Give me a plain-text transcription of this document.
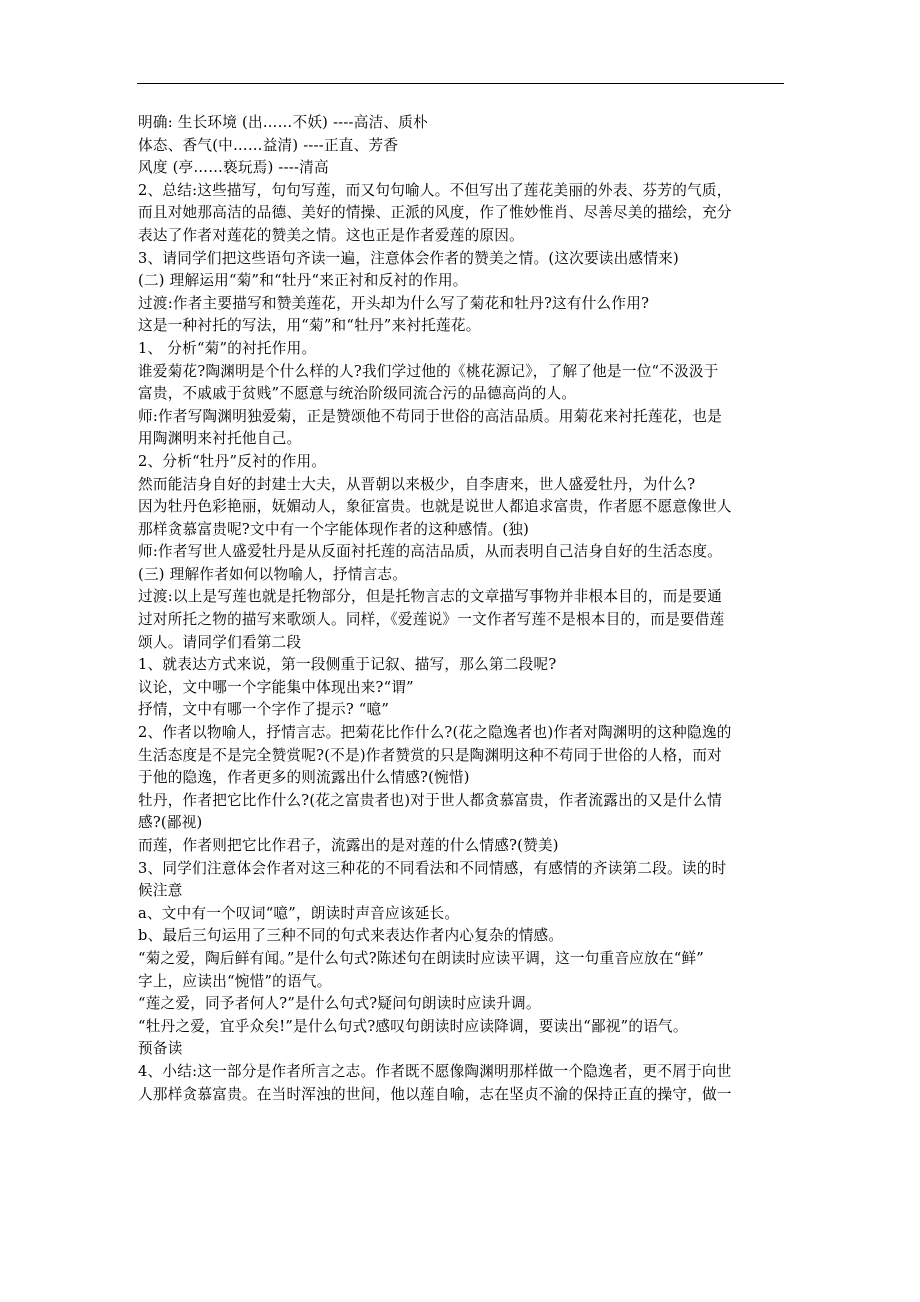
明确: 生长环境 (出……不妖) ----高洁、质朴
体态、香气(中……益清) ----正直、芳香
风度 (亭……亵玩焉) ----清高
2、总结:这些描写，句句写莲，而又句句喻人。不但写出了莲花美丽的外表、芬芳的气质，
而且对她那高洁的品德、美好的情操、正派的风度，作了惟妙惟肖、尽善尽美的描绘，充分
表达了作者对莲花的赞美之情。这也正是作者爱莲的原因。
3、请同学们把这些语句齐读一遍，注意体会作者的赞美之情。(这次要读出感情来)
(二) 理解运用“菊”和“牡丹“来正衬和反衬的作用。
过渡:作者主要描写和赞美莲花，开头却为什么写了菊花和牡丹?这有什么作用?
这是一种衬托的写法，用“菊”和“牡丹”来衬托莲花。
1、 分析“菊”的衬托作用。
谁爱菊花?陶渊明是个什么样的人?我们学过他的《桃花源记》，了解了他是一位“不汲汲于
富贵，不戚戚于贫贱”不愿意与统治阶级同流合污的品德高尚的人。
师:作者写陶渊明独爱菊，正是赞颂他不苟同于世俗的高洁品质。用菊花来衬托莲花，也是
用陶渊明来衬托他自己。
2、分析“牡丹”反衬的作用。
然而能洁身自好的封建士大夫，从晋朝以来极少，自李唐来，世人盛爱牡丹，为什么?
因为牡丹色彩艳丽，妩媚动人，象征富贵。也就是说世人都追求富贵，作者愿不愿意像世人
那样贪慕富贵呢?文中有一个字能体现作者的这种感情。(独)
师:作者写世人盛爱牡丹是从反面衬托莲的高洁品质，从而表明自己洁身自好的生活态度。
(三) 理解作者如何以物喻人，抒情言志。
过渡:以上是写莲也就是托物部分，但是托物言志的文章描写事物并非根本目的，而是要通
过对所托之物的描写来歌颂人。同样，《爱莲说》一文作者写莲不是根本目的，而是要借莲
颂人。请同学们看第二段
1、就表达方式来说，第一段侧重于记叙、描写，那么第二段呢?
议论，文中哪一个字能集中体现出来?“谓”
抒情，文中有哪一个字作了提示? “噫”
2、作者以物喻人，抒情言志。把菊花比作什么?(花之隐逸者也)作者对陶渊明的这种隐逸的
生活态度是不是完全赞赏呢?(不是)作者赞赏的只是陶渊明这种不苟同于世俗的人格，而对
于他的隐逸，作者更多的则流露出什么情感?(惋惜)
牡丹，作者把它比作什么?(花之富贵者也)对于世人都贪慕富贵，作者流露出的又是什么情
感?(鄙视)
而莲，作者则把它比作君子，流露出的是对莲的什么情感?(赞美)
3、同学们注意体会作者对这三种花的不同看法和不同情感，有感情的齐读第二段。读的时
候注意
a、文中有一个叹词“噫”，朗读时声音应该延长。
b、最后三句运用了三种不同的句式来表达作者内心复杂的情感。
“菊之爱，陶后鲜有闻。”是什么句式?陈述句在朗读时应读平调，这一句重音应放在“鲜”
字上，应读出“惋惜”的语气。
“莲之爱，同予者何人?”是什么句式?疑问句朗读时应读升调。
“牡丹之爱，宜乎众矣!”是什么句式?感叹句朗读时应读降调，要读出“鄙视”的语气。
预备读
4、小结:这一部分是作者所言之志。作者既不愿像陶渊明那样做一个隐逸者，更不屑于向世
人那样贪慕富贵。在当时浑浊的世间，他以莲自喻，志在坚贞不渝的保持正直的操守，做一
